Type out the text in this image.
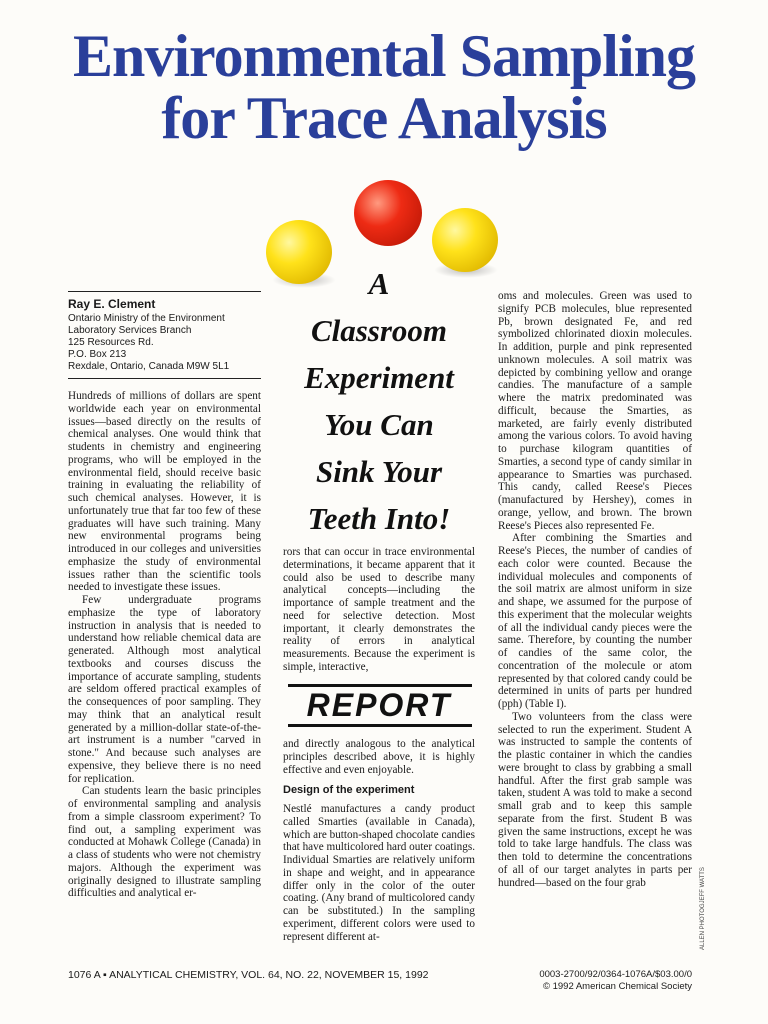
Environmental Sampling
for Trace Analysis
Ray E. Clement
Ontario Ministry of the Environment
Laboratory Services Branch
125 Resources Rd.
P.O. Box 213
Rexdale, Ontario, Canada M9W 5L1

Hundreds of millions of dollars are spent worldwide each year on environmental issues—based directly on the results of chemical analyses. One would think that students in chemistry and engineering programs, who will be employed in the environmental field, should receive basic training in evaluating the reliability of such chemical analyses. However, it is unfortunately true that far too few of these graduates will have such training. Many new environmental programs being introduced in our colleges and universities emphasize the study of environmental issues rather than the scientific tools needed to investigate these issues.

Few undergraduate programs emphasize the type of laboratory instruction in analysis that is needed to understand how reliable chemical data are generated. Although most analytical textbooks and courses discuss the importance of accurate sampling, students are seldom offered practical examples of the consequences of poor sampling. They may think that an analytical result generated by a million-dollar state-of-the-art instrument is a number "carved in stone." And because such analyses are expensive, they believe there is no need for replication.

Can students learn the basic principles of environmental sampling and analysis from a simple classroom experiment? To find out, a sampling experiment was conducted at Mohawk College (Canada) in a class of students who were not chemistry majors. Although the experiment was originally designed to illustrate sampling difficulties and analytical er-

A
Classroom
Experiment
You Can
Sink Your
Teeth Into!

rors that can occur in trace environmental determinations, it became apparent that it could also be used to describe many analytical concepts—including the importance of sample treatment and the need for selective detection. Most important, it clearly demonstrates the reality of errors in analytical measurements. Because the experiment is simple, interactive,

REPORT

and directly analogous to the analytical principles described above, it is highly effective and even enjoyable.

Design of the experiment

Nestlé manufactures a candy product called Smarties (available in Canada), which are button-shaped chocolate candies that have multicolored hard outer coatings. Individual Smarties are relatively uniform in shape and weight, and in appearance differ only in the color of the outer coating. (Any brand of multicolored candy can be substituted.) In the sampling experiment, different colors were used to represent different at-

oms and molecules. Green was used to signify PCB molecules, blue represented Pb, brown designated Fe, and red symbolized chlorinated dioxin molecules. In addition, purple and pink represented unknown molecules. A soil matrix was depicted by combining yellow and orange candies. The manufacture of a sample where the matrix predominated was difficult, because the Smarties, as marketed, are fairly evenly distributed among the various colors. To avoid having to purchase kilogram quantities of Smarties, a second type of candy similar in appearance to Smarties was purchased. This candy, called Reese's Pieces (manufactured by Hershey), comes in orange, yellow, and brown. The brown Reese's Pieces also represented Fe.

After combining the Smarties and Reese's Pieces, the number of candies of each color were counted. Because the individual molecules and components of the soil matrix are almost uniform in size and shape, we assumed for the purpose of this experiment that the molecular weights of all the individual candy pieces were the same. Therefore, by counting the number of candies of the same color, the concentration of the molecule or atom represented by that colored candy could be determined in units of parts per hundred (pph) (Table I).

Two volunteers from the class were selected to run the experiment. Student A was instructed to sample the contents of the plastic container in which the candies were brought to class by grabbing a small handful. After the first grab sample was taken, student A was told to make a second small grab and to keep this sample separate from the first. Student B was given the same instructions, except he was told to take large handfuls. The class was then told to determine the concentrations of all of our target analytes in parts per hundred—based on the four grab	ALLEN PHOTOGJEFF WATTS
1076 A ▪ ANALYTICAL CHEMISTRY, VOL. 64, NO. 22, NOVEMBER 15, 1992	0003-2700/92/0364-1076A/$03.00/0
© 1992 American Chemical Society
